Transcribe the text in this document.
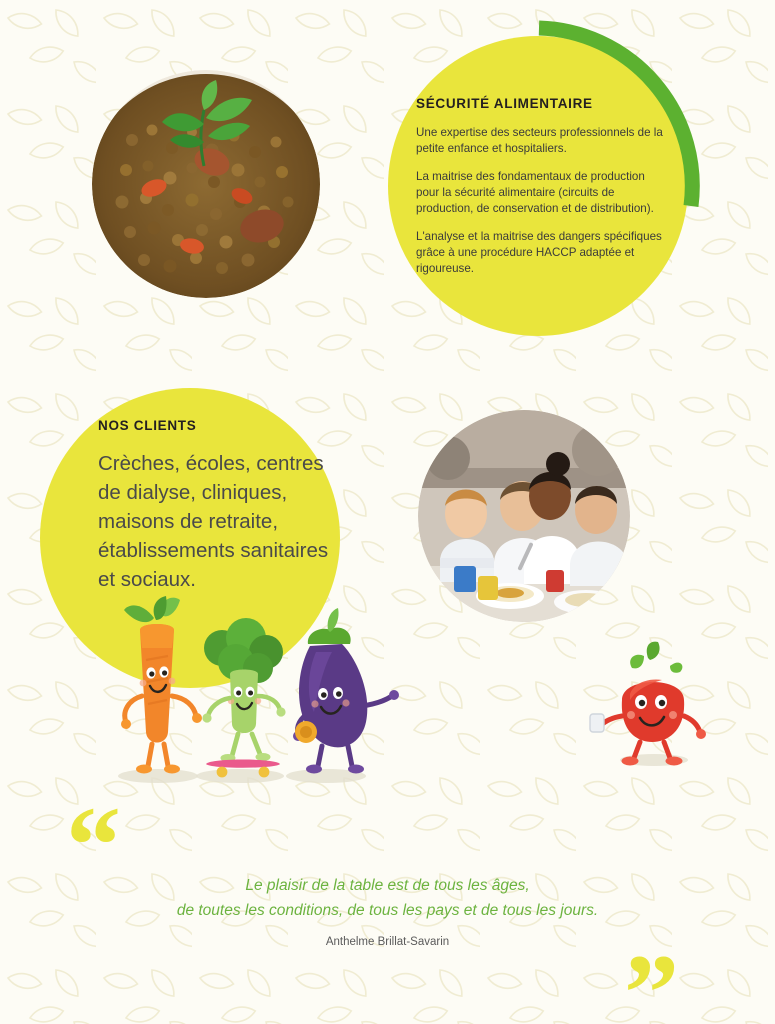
SÉCURITÉ ALIMENTAIRE

Une expertise des secteurs professionnels de la petite enfance et hospitaliers.

La maitrise des fondamentaux de production pour la sécurité alimentaire (circuits de production, de conservation et de distribution).

L'analyse et la maitrise des dangers spécifiques grâce à une procédure HACCP adaptée et rigoureuse.

NOS CLIENTS

Crèches, écoles, centres de dialyse, cliniques, maisons de retraite, établissements sanitaires et sociaux.

“
”

Le plaisir de la table est de tous les âges,

de toutes les conditions, de tous les pays et de tous les jours.

Anthelme Brillat-Savarin
